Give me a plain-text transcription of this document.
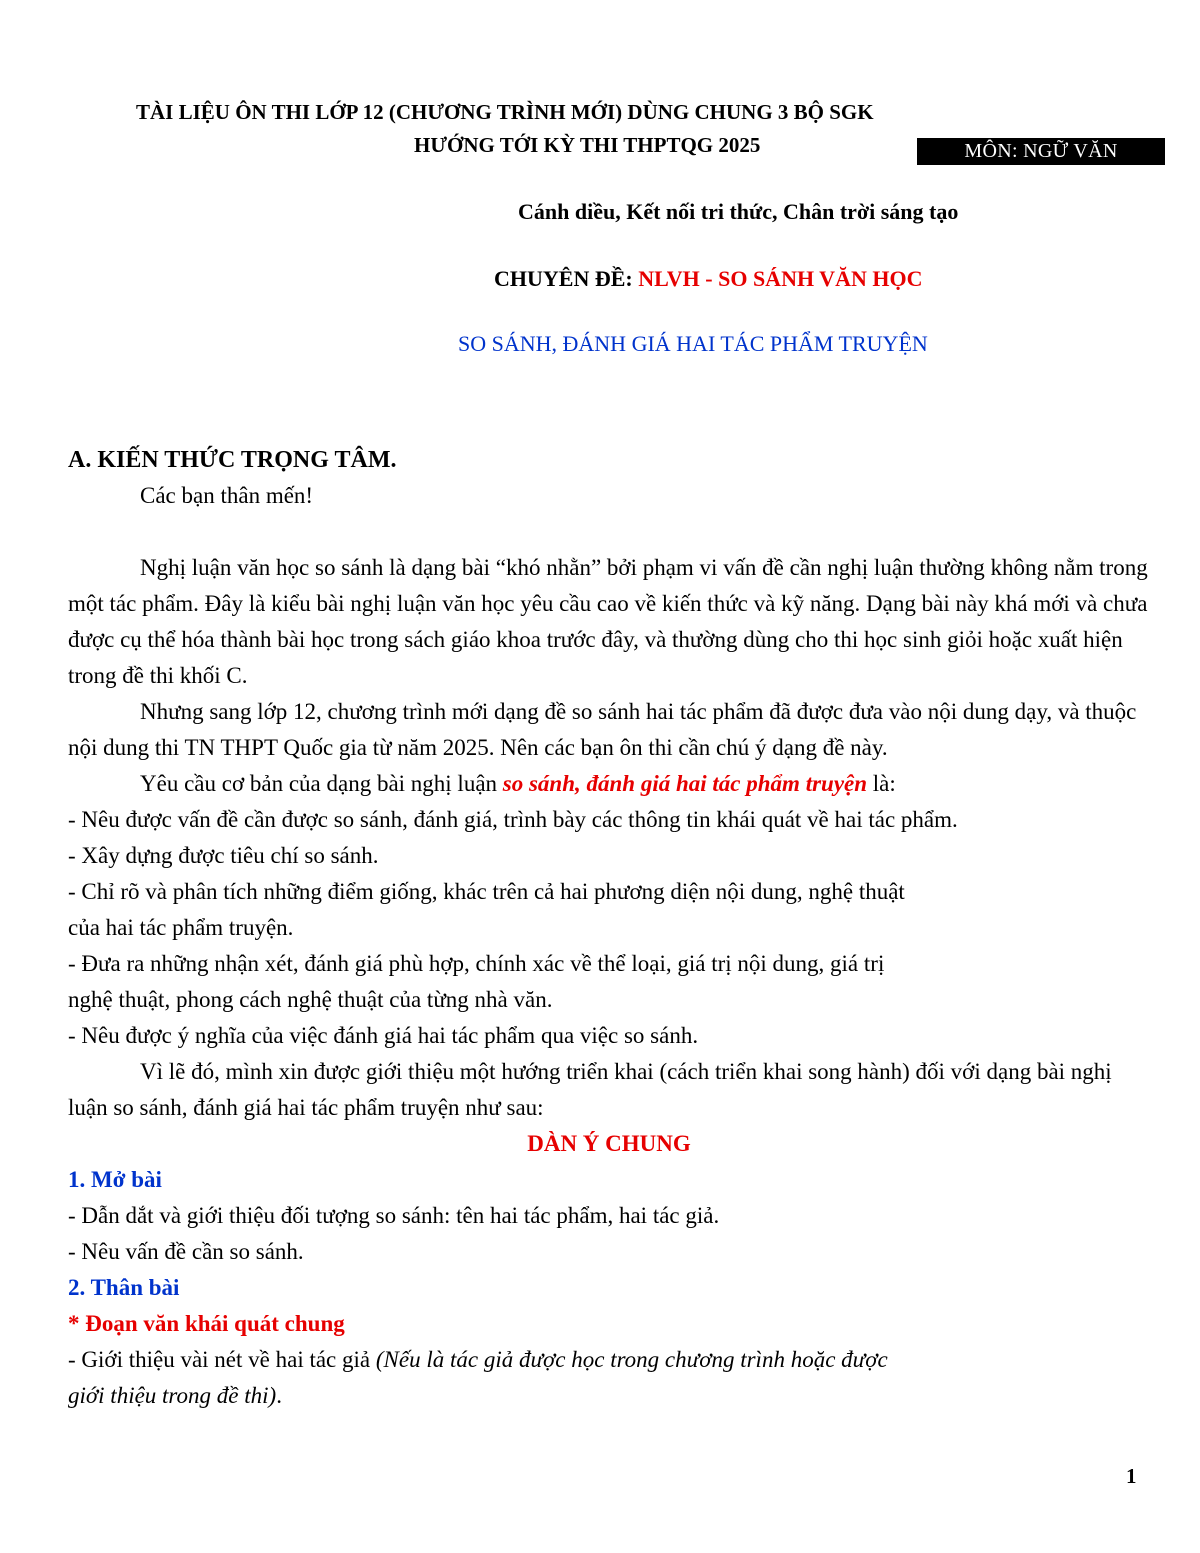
TÀI LIỆU ÔN THI LỚP 12 (CHƯƠNG TRÌNH MỚI) DÙNG CHUNG 3 BỘ SGK
HƯỚNG TỚI KỲ THI THPTQG 2025	MÔN: NGỮ VĂN
Cánh diều, Kết nối tri thức, Chân trời sáng tạo
CHUYÊN ĐỀ: NLVH - SO SÁNH VĂN HỌC
SO SÁNH, ĐÁNH GIÁ HAI TÁC PHẨM TRUYỆN

A. KIẾN THỨC TRỌNG TÂM.

Các bạn thân mến!

Nghị luận văn học so sánh là dạng bài “khó nhằn” bởi phạm vi vấn đề cần nghị luận thường không nằm trong một tác phẩm. Đây là kiểu bài nghị luận văn học yêu cầu cao về kiến thức và kỹ năng. Dạng bài này khá mới và chưa được cụ thể hóa thành bài học trong sách giáo khoa trước đây, và thường dùng cho thi học sinh giỏi hoặc xuất hiện trong đề thi khối C.

Nhưng sang lớp 12, chương trình mới dạng đề so sánh hai tác phẩm đã được đưa vào nội dung dạy, và thuộc nội dung thi TN THPT Quốc gia từ năm 2025. Nên các bạn ôn thi cần chú ý dạng đề này.

Yêu cầu cơ bản của dạng bài nghị luận so sánh, đánh giá hai tác phẩm truyện là:

- Nêu được vấn đề cần được so sánh, đánh giá, trình bày các thông tin khái quát về hai tác phẩm.

- Xây dựng được tiêu chí so sánh.

- Chỉ rõ và phân tích những điểm giống, khác trên cả hai phương diện nội dung, nghệ thuật

của hai tác phẩm truyện.

- Đưa ra những nhận xét, đánh giá phù hợp, chính xác về thể loại, giá trị nội dung, giá trị

nghệ thuật, phong cách nghệ thuật của từng nhà văn.

- Nêu được ý nghĩa của việc đánh giá hai tác phẩm qua việc so sánh.

Vì lẽ đó, mình xin được giới thiệu một hướng triển khai (cách triển khai song hành) đối với dạng bài nghị luận so sánh, đánh giá hai tác phẩm truyện như sau:

DÀN Ý CHUNG

1. Mở bài

- Dẫn dắt và giới thiệu đối tượng so sánh: tên hai tác phẩm, hai tác giả.

- Nêu vấn đề cần so sánh.

2. Thân bài

* Đoạn văn khái quát chung

- Giới thiệu vài nét về hai tác giả (Nếu là tác giả được học trong chương trình hoặc được

giới thiệu trong đề thi).

1
